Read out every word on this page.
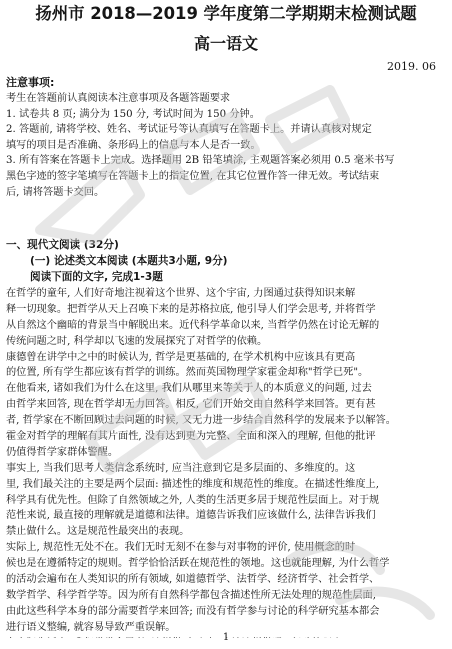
扬州市 2018—2019 学年度第二学期期末检测试题
高一语文
2019. 06
注意事项:
考生在答题前认真阅读本注意事项及各题答题要求
1. 试卷共 8 页; 满分为 150 分, 考试时间为 150 分钟。
2. 答题前, 请将学校、姓名、考试证号等认真填写在答题卡上。并请认真核对规定
填写的项目是否准确、条形码上的信息与本人是否一致。
3. 所有答案在答题卡上完成。选择题用 2B 铅笔填涂, 主观题答案必须用 0.5 毫米书写
黑色字迹的签字笔填写在答题卡上的指定位置, 在其它位置作答一律无效。考试结束
后, 请将答题卡交回。
一、现代文阅读 (32分)
(一) 论述类文本阅读 (本题共3小题, 9分)
阅读下面的文字, 完成1-3题
在哲学的童年, 人们好奇地注视着这个世界、这个宇宙, 力图通过获得知识来解
释一切现象。把哲学从天上召唤下来的是苏格拉底, 他引导人们学会思考, 并将哲学
从自然这个幽暗的背景当中解脱出来。近代科学革命以来, 当哲学仍然在讨论无解的
传统问题之时, 科学却以飞速的发展探究了对哲学的依赖。
康德曾在讲学中之中的时候认为, 哲学是更基础的, 在学术机构中应该具有更高
的位置, 所有学生都应该有哲学的训练。然而英国物理学家霍金却称"哲学已死"。
在他看来, 诸如我们为什么在这里, 我们从哪里来等关于人的本质意义的问题, 过去
由哲学来回答, 现在哲学却无力回答。相反, 它们开始交由自然科学来回答。更有甚
者, 哲学家在不断回顾过去问题的时候, 又无力进一步结合自然科学的发展来予以解答。
霍金对哲学的理解有其片面性, 没有达到更为完整、全面和深入的理解, 但他的批评
仍值得哲学家群体警醒。
事实上, 当我们思考人类信念系统时, 应当注意到它是多层面的、多维度的。这
里, 我们最关注的主要是两个层面: 描述性的维度和规范性的维度。在描述性维度上,
科学具有优先性。但除了自然领域之外, 人类的生活更多居于规范性层面上。对于规
范性来说, 最直接的理解就是道德和法律。道德告诉我们应该做什么, 法律告诉我们
禁止做什么。这是规范性最突出的表现。
实际上, 规范性无处不在。我们无时无刻不在参与对事物的评价, 使用概念的时
候也是在遵循特定的规则。哲学恰恰活跃在规范性的领地。这也就能理解, 为什么哲学
的活动会遍布在人类知识的所有领域, 如道德哲学、法哲学、经济哲学、社会哲学、
数学哲学、科学哲学等。因为所有自然科学都包含描述性所无法处理的规范性层面,
由此这些科学本身的部分需要哲学来回答; 而没有哲学参与讨论的科学研究基本都会
进行语义整编, 就容易导致严重误解。
1
